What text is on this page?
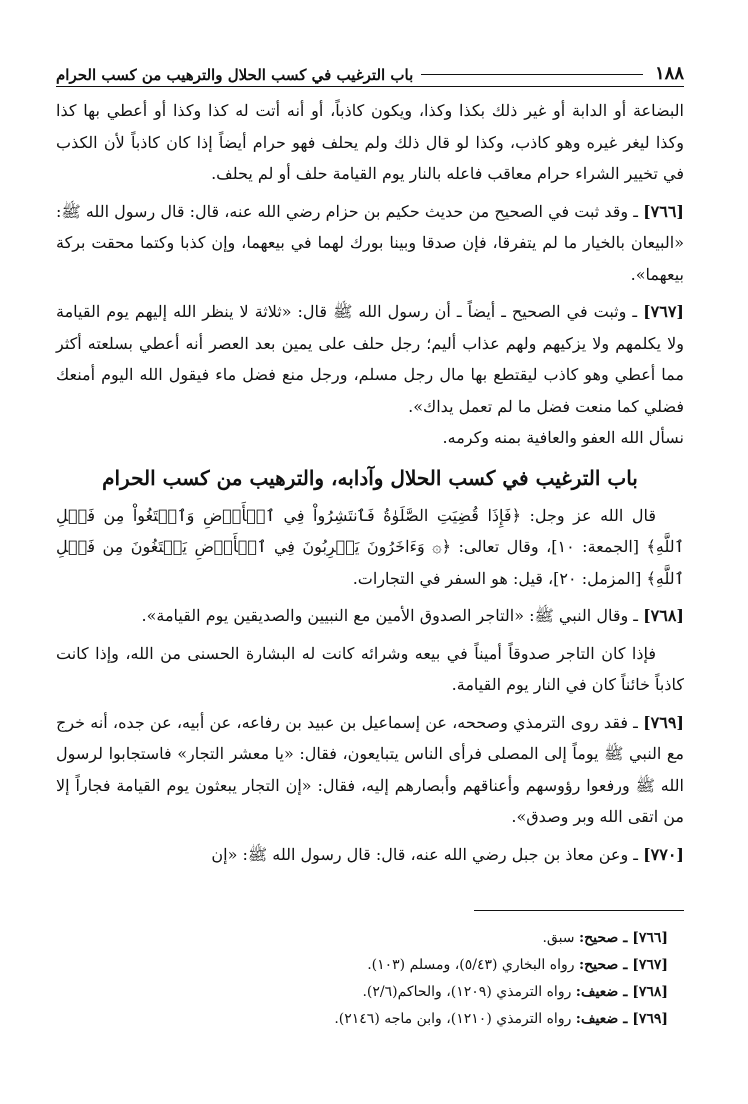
١٨٨
باب الترغيب في كسب الحلال والترهيب من كسب الحرام

البضاعة أو الدابة أو غير ذلك بكذا وكذا، ويكون كاذباً، أو أنه أتت له كذا وكذا أو أعطي بها كذا وكذا ليغر غيره وهو كاذب، وكذا لو قال ذلك ولم يحلف فهو حرام أيضاً إذا كان كاذباً لأن الكذب في تخيير الشراء حرام معاقب فاعله بالنار يوم القيامة حلف أو لم يحلف.

[٧٦٦] ـ وقد ثبت في الصحيح من حديث حكيم بن حزام رضي الله عنه، قال: قال رسول الله ﷺ: «البيعان بالخيار ما لم يتفرقا، فإن صدقا وبينا بورك لهما في بيعهما، وإن كذبا وكتما محقت بركة بيعهما».

[٧٦٧] ـ وثبت في الصحيح ـ أيضاً ـ أن رسول الله ﷺ قال: «ثلاثة لا ينظر الله إليهم يوم القيامة ولا يكلمهم ولا يزكيهم ولهم عذاب أليم؛ رجل حلف على يمين بعد العصر أنه أعطي بسلعته أكثر مما أعطي وهو كاذب ليقتطع بها مال رجل مسلم، ورجل منع فضل ماء فيقول الله اليوم أمنعك فضلي كما منعت فضل ما لم تعمل يداك».
نسأل الله العفو والعافية بمنه وكرمه.

باب الترغيب في كسب الحلال وآدابه، والترهيب من كسب الحرام

قال الله عز وجل: ﴿فَإِذَا قُضِيَتِ الصَّلَوٰةُ فَٱنتَشِرُواْ فِي ٱلۡأَرۡضِ وَٱبۡتَغُواْ مِن فَضۡلِ ٱللَّهِ﴾ [الجمعة: ١٠]، وقال تعالى: ﴿۞ وَءَاخَرُونَ يَضۡرِبُونَ فِي ٱلۡأَرۡضِ يَبۡتَغُونَ مِن فَضۡلِ ٱللَّهِ﴾ [المزمل: ٢٠]، قيل: هو السفر في التجارات.

[٧٦٨] ـ وقال النبي ﷺ: «التاجر الصدوق الأمين مع النبيين والصديقين يوم القيامة».

فإذا كان التاجر صدوقاً أميناً في بيعه وشرائه كانت له البشارة الحسنى من الله، وإذا كانت كاذباً خائناً كان في النار يوم القيامة.

[٧٦٩] ـ فقد روى الترمذي وصححه، عن إسماعيل بن عبيد بن رفاعه، عن أبيه، عن جده، أنه خرج مع النبي ﷺ يوماً إلى المصلى فرأى الناس يتبايعون، فقال: «يا معشر التجار» فاستجابوا لرسول الله ﷺ ورفعوا رؤوسهم وأعناقهم وأبصارهم إليه، فقال: «إن التجار يبعثون يوم القيامة فجاراً إلا من اتقى الله وبر وصدق».

[٧٧٠] ـ وعن معاذ بن جبل رضي الله عنه، قال: قال رسول الله ﷺ: «إن

[٧٦٦] ـ صحيح: سبق.
[٧٦٧] ـ صحيح: رواه البخاري (٥/٤٣)، ومسلم (١٠٣).
[٧٦٨] ـ ضعيف: رواه الترمذي (١٢٠٩)، والحاكم(٢/٦).
[٧٦٩] ـ ضعيف: رواه الترمذي (١٢١٠)، وابن ماجه (٢١٤٦).
